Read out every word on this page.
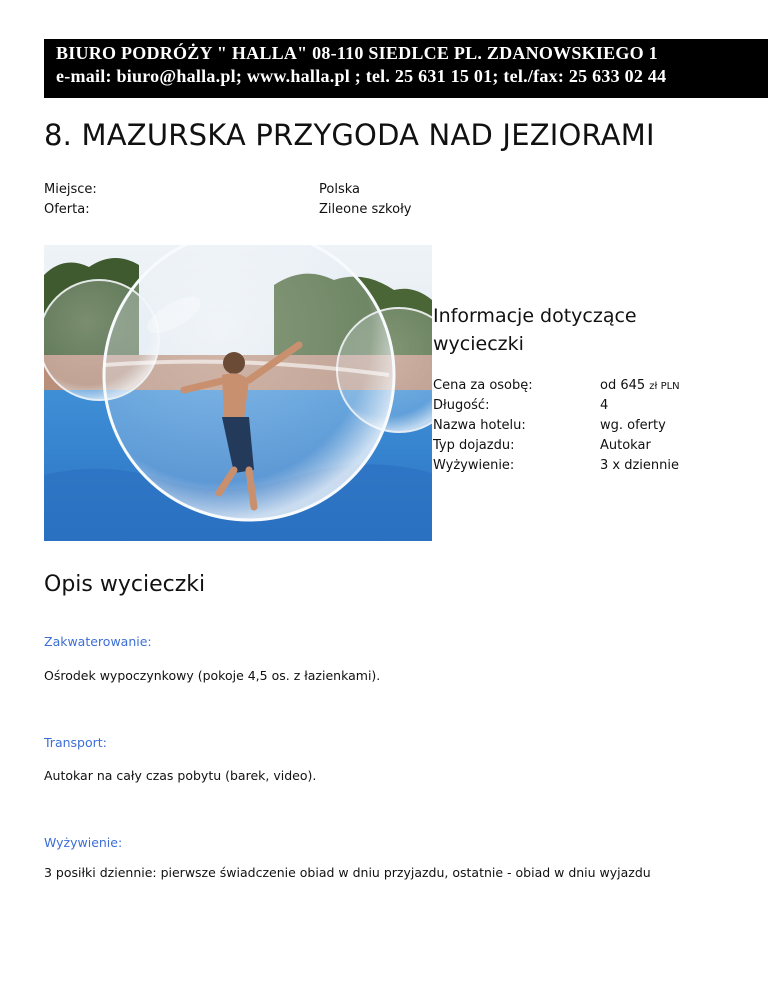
BIURO PODRÓŻY " HALLA" 08-110 SIEDLCE PL. ZDANOWSKIEGO 1
e-mail: biuro@halla.pl; www.halla.pl ; tel. 25 631 15 01; tel./fax: 25 633 02 44
8. MAZURSKA PRZYGODA NAD JEZIORAMI
Miejsce:	Polska
Oferta:	Zileone szkoły
Informacje dotyczące wycieczki
Cena za osobę:	od 645 zł PLN
Długość:	4
Nazwa hotelu:	wg. oferty
Typ dojazdu:	Autokar
Wyżywienie:	3 x dziennie
Opis wycieczki
Zakwaterowanie:
Ośrodek wypoczynkowy (pokoje 4,5 os. z łazienkami).
Transport:
Autokar na cały czas pobytu (barek, video).
Wyżywienie:
3 posiłki dziennie: pierwsze świadczenie obiad w dniu przyjazdu, ostatnie - obiad w dniu wyjazdu
